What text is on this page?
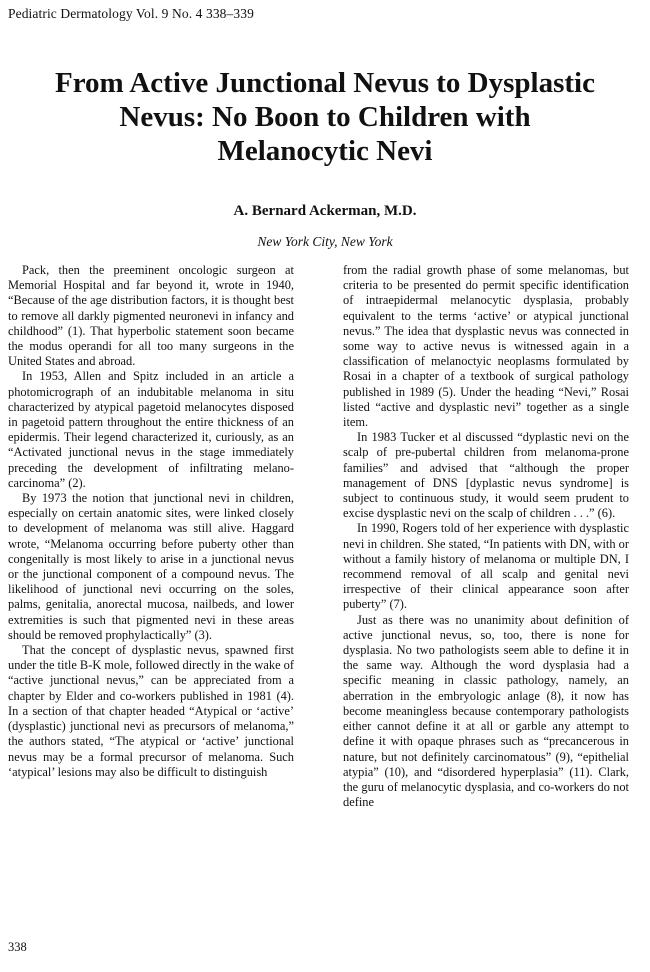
Pediatric Dermatology Vol. 9 No. 4 338–339
From Active Junctional Nevus to Dysplastic
Nevus: No Boon to Children with
Melanocytic Nevi
A. Bernard Ackerman, M.D.
New York City, New York

Pack, then the preeminent oncologic surgeon at Memorial Hospital and far beyond it, wrote in 1940, “Because of the age distribution factors, it is thought best to remove all darkly pigmented neuronevi in infancy and childhood” (1). That hyperbolic statement soon became the modus operandi for all too many surgeons in the United States and abroad.

In 1953, Allen and Spitz included in an article a photomicrograph of an indubitable melanoma in situ characterized by atypical pagetoid melanocytes disposed in pagetoid pattern throughout the entire thickness of an epidermis. Their legend characterized it, curiously, as an “Activated junctional nevus in the stage immediately preceding the development of infiltrating melano-carcinoma” (2).

By 1973 the notion that junctional nevi in children, especially on certain anatomic sites, were linked closely to development of melanoma was still alive. Haggard wrote, “Melanoma occurring before puberty other than congenitally is most likely to arise in a junctional nevus or the junctional component of a compound nevus. The likelihood of junctional nevi occurring on the soles, palms, genitalia, anorectal mucosa, nailbeds, and lower extremities is such that pigmented nevi in these areas should be removed prophylactically” (3).

That the concept of dysplastic nevus, spawned first under the title B-K mole, followed directly in the wake of “active junctional nevus,” can be appreciated from a chapter by Elder and co-workers published in 1981 (4). In a section of that chapter headed “Atypical or ‘active’ (dysplastic) junctional nevi as precursors of melanoma,” the authors stated, “The atypical or ‘active’ junctional nevus may be a formal precursor of melanoma. Such ‘atypical’ lesions may also be difficult to distinguish

from the radial growth phase of some melanomas, but criteria to be presented do permit specific identification of intraepidermal melanocytic dysplasia, probably equivalent to the terms ‘active’ or atypical junctional nevus.” The idea that dysplastic nevus was connected in some way to active nevus is witnessed again in a classification of melanoctyic neoplasms formulated by Rosai in a chapter of a textbook of surgical pathology published in 1989 (5). Under the heading “Nevi,” Rosai listed “active and dysplastic nevi” together as a single item.

In 1983 Tucker et al discussed “dyplastic nevi on the scalp of pre-pubertal children from melanoma-prone families” and advised that “although the proper management of DNS [dyplastic nevus syndrome] is subject to continuous study, it would seem prudent to excise dysplastic nevi on the scalp of children . . .” (6).

In 1990, Rogers told of her experience with dysplastic nevi in children. She stated, “In patients with DN, with or without a family history of melanoma or multiple DN, I recommend removal of all scalp and genital nevi irrespective of their clinical appearance soon after puberty” (7).

Just as there was no unanimity about definition of active junctional nevus, so, too, there is none for dysplasia. No two pathologists seem able to define it in the same way. Although the word dysplasia had a specific meaning in classic pathology, namely, an aberration in the embryologic anlage (8), it now has become meaningless because contemporary pathologists either cannot define it at all or garble any attempt to define it with opaque phrases such as “precancerous in nature, but not definitely carcinomatous” (9), “epithelial atypia” (10), and “disordered hyperplasia” (11). Clark, the guru of melanocytic dysplasia, and co-workers do not define

338
